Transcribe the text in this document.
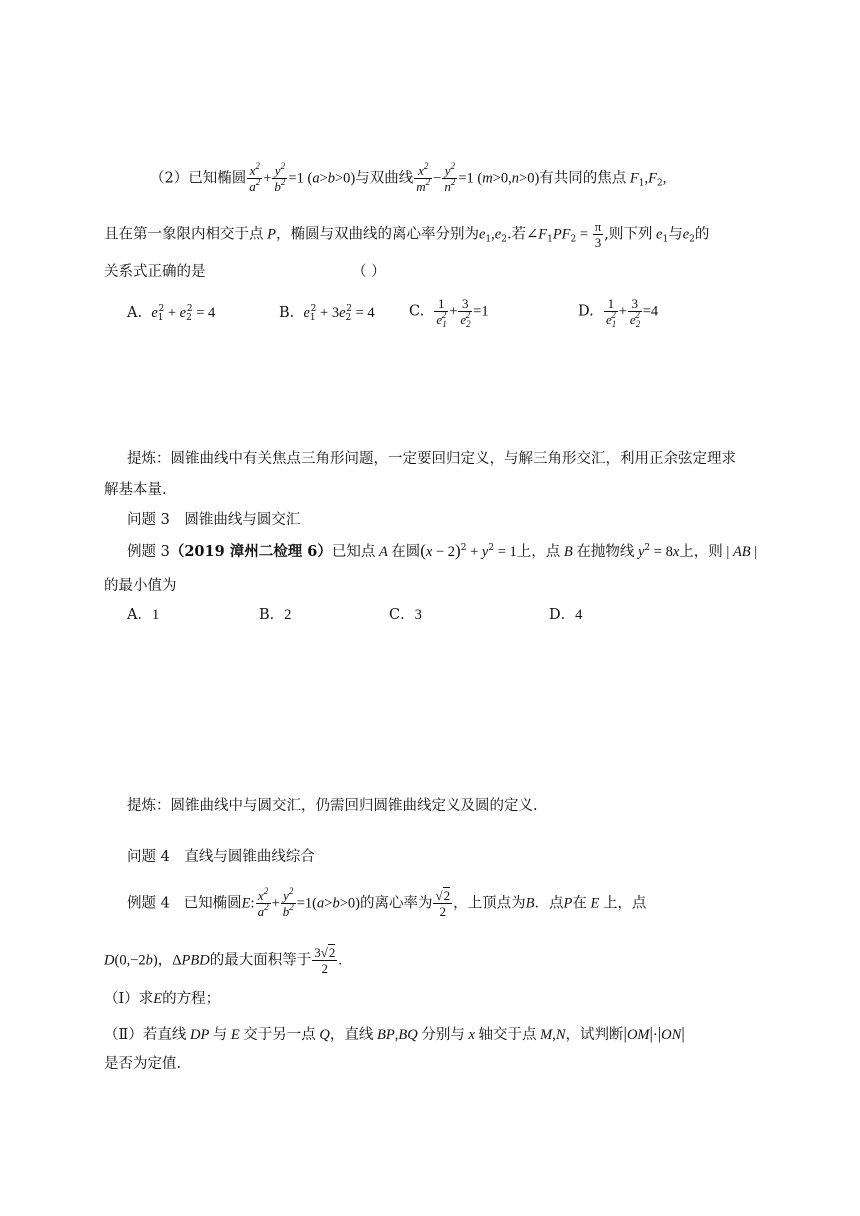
（2）已知椭圆 $\frac{x^2}{a^2} + \frac{y^2}{b^2} =1$ (a>b>0)与双曲线 $\frac{x^2}{m^2} - \frac{y^2}{n^2} =1$ (m>0,n>0)有共同的焦点 $F_1,F_2$,
且在第一象限内相交于点 P，椭圆与双曲线的离心率分别为$e_1,e_2$.若$\angle F_1PF_2 = \frac{\pi}{3}$ ,则下列 $e_1$与$e_2$的
关系式正确的是	（ ）
A. $e_1^2 + e_2^2 = 4$	B. $e_1^2 + 3e_2^2 = 4$ C. $\frac{1}{e_1^2} + \frac{3}{e_2^2} =1$	D. $\frac{1}{e_1^2} + \frac{3}{e_2^2} =4$
提炼：圆锥曲线中有关焦点三角形问题，一定要回归定义，与解三角形交汇，利用正余弦定理求
解基本量.
问题 3　圆锥曲线与圆交汇
例题 3（2019 漳州二检理 6）已知点 A 在圆$(x - 2)^2 + y^2 = 1$上，点 B 在抛物线 $y^2 = 8x$上，则 | AB |
的最小值为
A．1	B．2	C．3	D．4
提炼：圆锥曲线中与圆交汇，仍需回归圆锥曲线定义及圆的定义.
问题 4　直线与圆锥曲线综合
例题 4 已知椭圆E: $\frac{x^2}{a^2} + \frac{y^2}{b^2} =1(a>b>0)$的离心率为 $\frac{√2}{2}$ ，上顶点为B．点P在 E 上，点
D(0,−2b)，ΔPBD的最大面积等于 $\frac{3√2}{2}$ .
（Ⅰ）求E的方程；
（Ⅱ）若直线 DP 与 E 交于另一点 Q，直线 BP,BQ 分别与 x 轴交于点 M,N，试判断|OM|·|ON|
是否为定值.
